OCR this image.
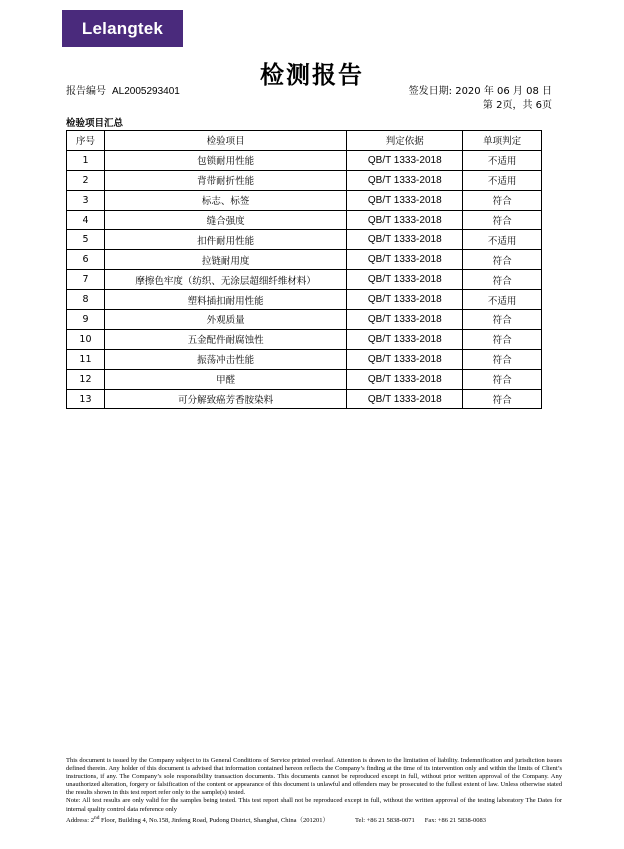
Lelangtek
检测报告
报告编号 AL2005293401	签发日期: 2020 年 06 月 08 日
第 2页，共 6页
检验项目汇总
序号	检验项目	判定依据	单项判定
1	包锁耐用性能	QB/T 1333-2018	不适用
2	背带耐折性能	QB/T 1333-2018	不适用
3	标志、标签	QB/T 1333-2018	符合
4	缝合强度	QB/T 1333-2018	符合
5	扣件耐用性能	QB/T 1333-2018	不适用
6	拉链耐用度	QB/T 1333-2018	符合
7	摩擦色牢度（纺织、无涂层超细纤维材料）	QB/T 1333-2018	符合
8	塑料插扣耐用性能	QB/T 1333-2018	不适用
9	外观质量	QB/T 1333-2018	符合
10	五金配件耐腐蚀性	QB/T 1333-2018	符合
11	振荡冲击性能	QB/T 1333-2018	符合
12	甲醛	QB/T 1333-2018	符合
13	可分解致癌芳香胺染料	QB/T 1333-2018	符合

This document is issued by the Company subject to its General Conditions of Service printed overleaf. Attention is drawn to the limitation of liability. Indemnification and jurisdiction issues defined therein. Any holder of this document is advised that information contained hereon reflects the Company’s finding at the time of its intervention only and within the limits of Client’s instructions, if any. The Company’s sole responsibility transaction documents. This documents cannot be reproduced except in full, without prior written approval of the Company. Any unauthorized alteration, forgery or falsification of the content or appearance of this document is unlawful and offenders may be prosecuted to the fullest extent of law. Unless otherwise stated the results shown in this test report refer only to the sample(s) tested.

Note: All test results are only valid for the samples being tested. This test report shall not be reproduced except in full, without the written approval of the testing laboratory The Dates for internal quality control data reference only

Address: 2nd Floor, Building 4, No.158, Jinfeng Road, Pudong District, Shanghai, China（201201）	Tel: +86 21 5838-0071 Fax: +86 21 5838-0083
